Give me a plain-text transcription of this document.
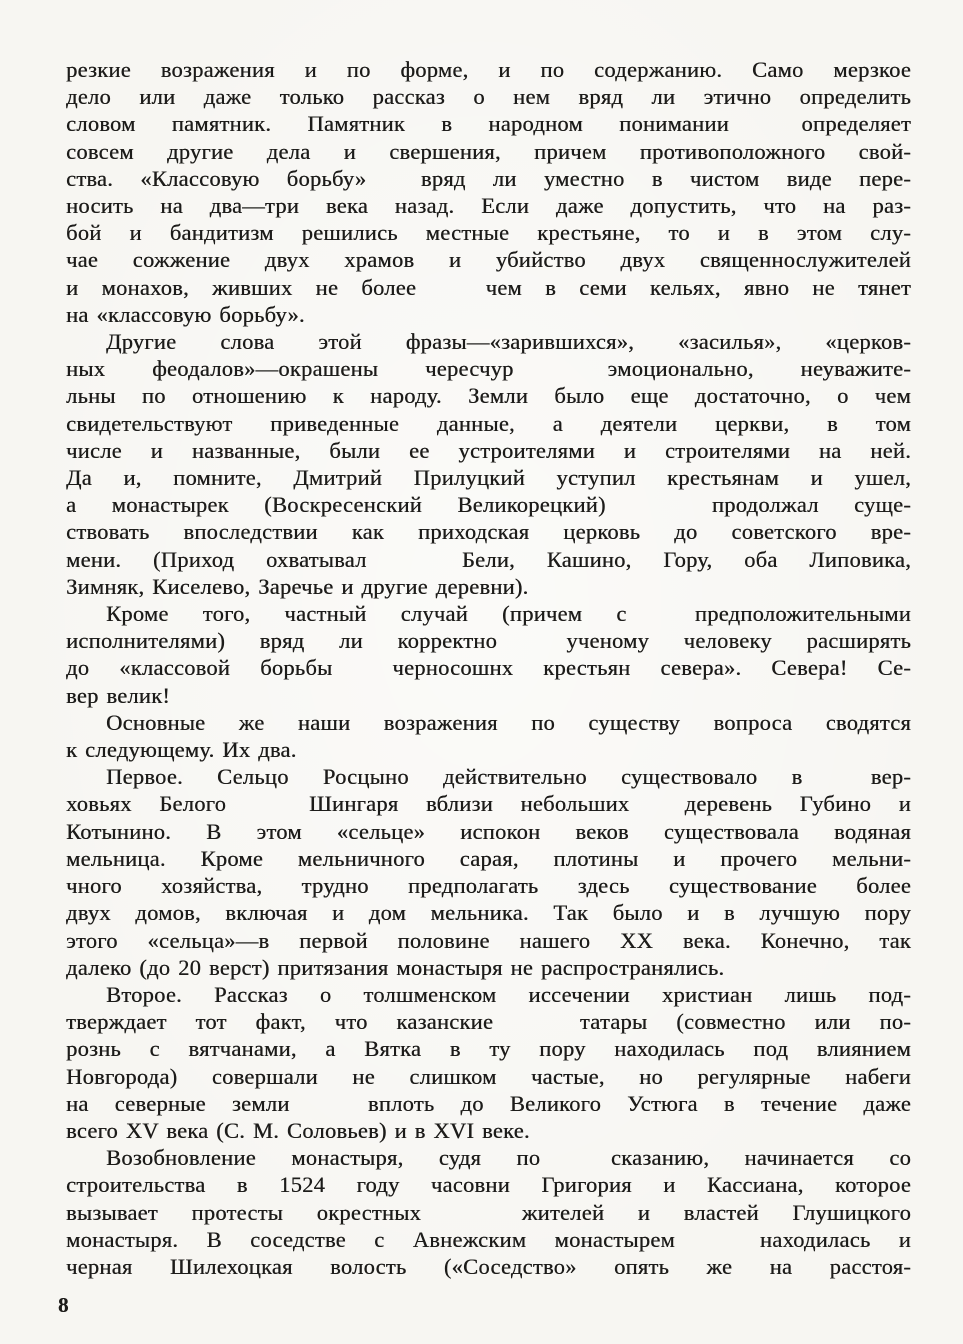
резкие возражения и по форме, и по содержанию. Само мерзкое
дело или даже только рассказ о нем вряд ли этично определить
словом памятник. Памятник в народном понимании  определяет
совсем другие дела и свершения, причем противоположного свой-
ства. «Классовую борьбу»  вряд ли уместно в чистом виде пере-
носить на два—три века назад. Если даже допустить, что на раз-
бой и бандитизм решились местные крестьяне, то и в этом слу-
чае сожжение двух храмов и убийство двух священнослужителей
и монахов, живших не более   чем в семи кельях, явно не тянет
на «классовую борьбу».
Другие слова этой фразы—«зарившихся», «засилья», «церков-
ных феодалов»—окрашены чересчур  эмоционально, неуважите-
льны по отношению к народу. Земли было еще достаточно, о чем
свидетельствуют приведенные данные, а деятели церкви, в том
числе и названные, были ее устроителями и строителями на ней.
Да и, помните, Дмитрий Прилуцкий уступил крестьянам и ушел,
а монастырек (Воскресенский Великорецкий)   продолжал суще-
ствовать впоследствии как приходская церковь до советского вре-
мени. (Приход охватывал   Бели, Кашино, Гору, оба Липовика,
Зимняк, Киселево, Заречье и другие деревни).
Кроме того, частный случай (причем с  предположительными
исполнителями) вряд ли корректно  ученому человеку расширять
до «классовой борьбы  черносошнх крестьян севера». Севера! Се-
вер велик!
Основные же наши возражения по существу вопроса сводятся
к следующему. Их два.
Первое. Сельцо Росцыно действительно существовало в  вер-
ховьях Белого   Шингаря вблизи небольших  деревень Губино и
Котынино. В этом «сельце» испокон веков существовала водяная
мельница. Кроме мельничного сарая, плотины и прочего мельни-
чного хозяйства, трудно предполагать здесь существование более
двух домов, включая и дом мельника. Так было и в лучшую пору
этого «сельца»—в первой половине нашего XX века. Конечно, так
далеко (до 20 верст) притязания монастыря не распространялись.
Второе. Рассказ о толшменском иссечении христиан лишь под-
тверждает тот факт, что казанские   татары (совместно или по-
рознь с вятчанами, а Вятка в ту пору находилась под влиянием
Новгорода) совершали не слишком частые, но регулярные набеги
на северные земли   вплоть до Великого Устюга в течение даже
всего XV века (С. М. Соловьев) и в XVI веке.
Возобновление монастыря, судя по  сказанию, начинается со
строительства в 1524 году часовни Григория и Кассиана, которое
вызывает протесты окрестных   жителей и властей Глушицкого
монастыря. В соседстве с Авнежским монастырем   находилась и
черная Шилехоцкая волость («Соседство» опять же на расстоя-
8
